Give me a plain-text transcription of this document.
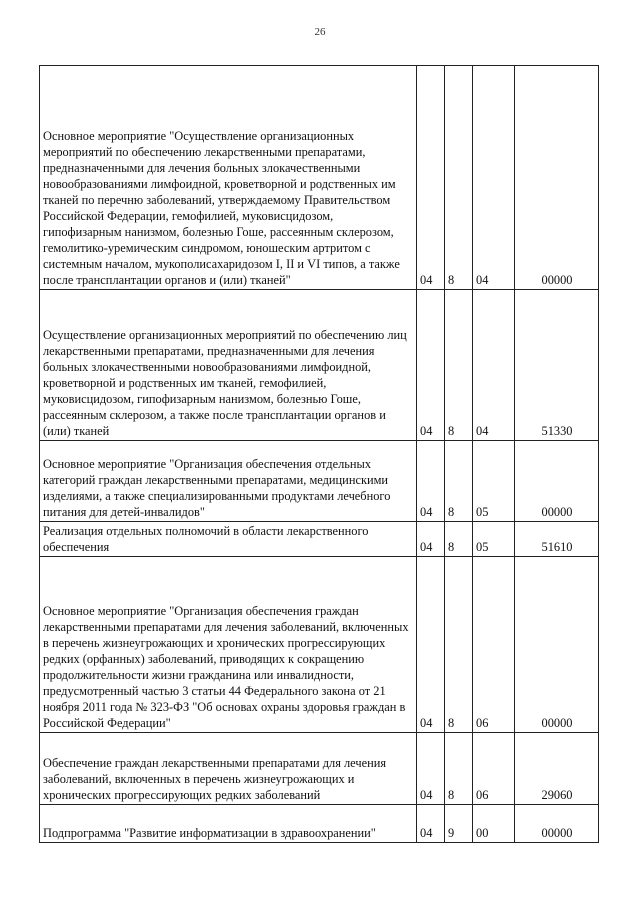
26
Основное мероприятие "Осуществление организационных мероприятий по обеспечению лекарственными препаратами, предназначенными для лечения больных злокачественными новообразованиями лимфоидной, кроветворной и родственных им тканей по перечню заболеваний, утверждаемому Правительством Российской Федерации, гемофилией, муковисцидозом, гипофизарным нанизмом, болезнью Гоше, рассеянным склерозом, гемолитико-уремическим синдромом, юношеским артритом с системным началом, мукополисахаридозом I, II и VI типов, а также после трансплантации органов и (или) тканей"	04	8	04	00000

Осуществление организационных мероприятий по обеспечению лиц лекарственными препаратами, предназначенными для лечения больных злокачественными новообразованиями лимфоидной, кроветворной и родственных им тканей, гемофилией, муковисцидозом, гипофизарным нанизмом, болезнью Гоше, рассеянным склерозом, а также после трансплантации органов и (или) тканей	04	8	04	51330

Основное мероприятие "Организация обеспечения отдельных категорий граждан лекарственными препаратами, медицинскими изделиями, а также специализированными продуктами лечебного питания для детей-инвалидов"	04	8	05	00000

Реализация отдельных полномочий в области лекарственного обеспечения	04	8	05	51610

Основное мероприятие "Организация обеспечения граждан лекарственными препаратами для лечения заболеваний, включенных в перечень жизнеугрожающих и хронических прогрессирующих редких (орфанных) заболеваний, приводящих к сокращению продолжительности жизни гражданина или инвалидности, предусмотренный частью 3 статьи 44 Федерального закона от 21 ноября 2011 года № 323-ФЗ "Об основах охраны здоровья граждан в Российской Федерации"	04	8	06	00000

Обеспечение граждан лекарственными препаратами для лечения заболеваний, включенных в перечень жизнеугрожающих и хронических прогрессирующих редких заболеваний	04	8	06	29060

Подпрограмма "Развитие информатизации в здравоохранении"	04	9	00	00000
